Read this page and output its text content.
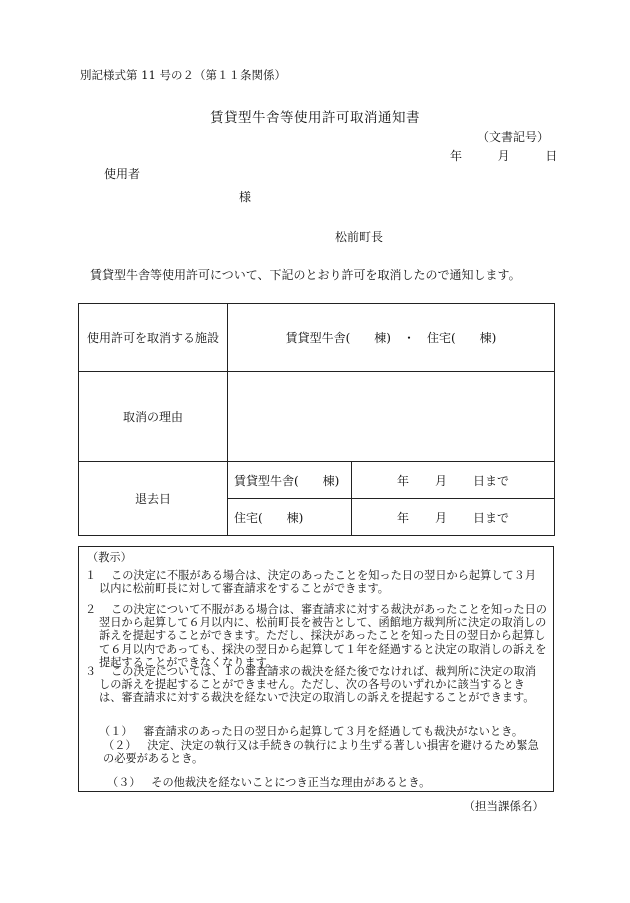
別記様式第 11 号の２（第１１条関係）
賃貸型牛舎等使用許可取消通知書
（文書記号）
年	月	日
使用者
様
松前町長
賃貸型牛舎等使用許可について、下記のとおり許可を取消したので通知します。
使用許可を取消する施設	賃貸型牛舎(　　棟)　・　住宅(　　棟)	
取消の理由		
退去日	賃貸型牛舎(　　棟)	年 月 日まで
	住宅(　　棟)	年 月 日まで
（教示）
１	この決定に不服がある場合は、決定のあったことを知った日の翌日から起算して３月以内に松前町長に対して審査請求をすることができます。
２	この決定について不服がある場合は、審査請求に対する裁決があったことを知った日の翌日から起算して６月以内に、松前町長を被告として、函館地方裁判所に決定の取消しの訴えを提起することができます。ただし、採決があったことを知った日の翌日から起算して６月以内であっても、採決の翌日から起算して１年を経過すると決定の取消しの訴えを提起することができなくなります。
３	この決定については、１の審査請求の裁決を経た後でなければ、裁判所に決定の取消しの訴えを提起することができません。ただし、次の各号のいずれかに該当するときは、審査請求に対する裁決を経ないで決定の取消しの訴えを提起することができます。
（１） 審査請求のあった日の翌日から起算して３月を経過しても裁決がないとき。
（２） 決定、決定の執行又は手続きの執行により生ずる著しい損害を避けるため緊急の必要があるとき。
（３） その他裁決を経ないことにつき正当な理由があるとき。
（担当課係名）
